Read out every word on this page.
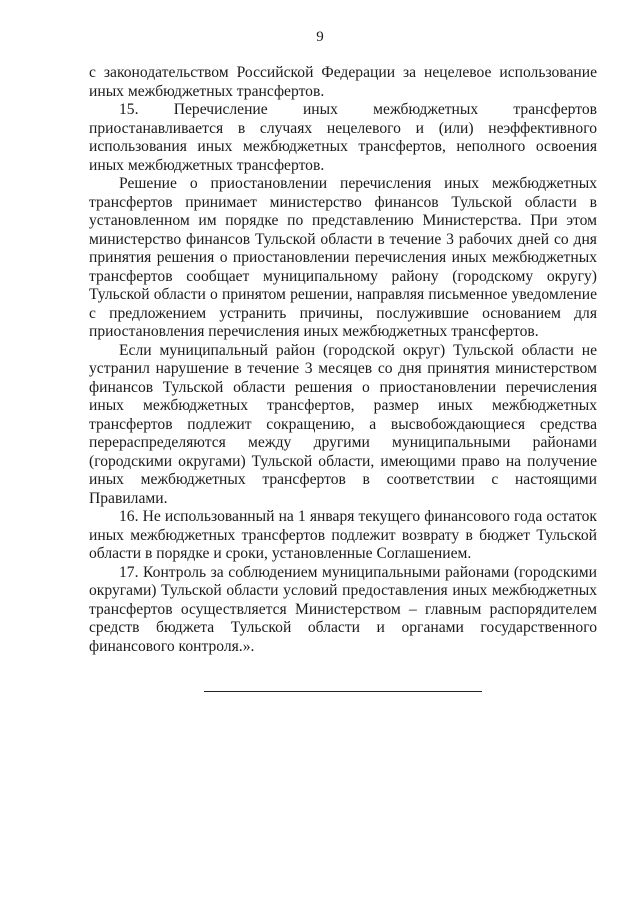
9

с законодательством Российской Федерации за нецелевое использование иных межбюджетных трансфертов.

15. Перечисление иных межбюджетных трансфертов приостанавливается в случаях нецелевого и (или) неэффективного использования иных межбюджетных трансфертов, неполного освоения иных межбюджетных трансфертов.

Решение о приостановлении перечисления иных межбюджетных трансфертов принимает министерство финансов Тульской области в установленном им порядке по представлению Министерства. При этом министерство финансов Тульской области в течение 3 рабочих дней со дня принятия решения о приостановлении перечисления иных межбюджетных трансфертов сообщает муниципальному району (городскому округу) Тульской области о принятом решении, направляя письменное уведомление с предложением устранить причины, послужившие основанием для приостановления перечисления иных межбюджетных трансфертов.

Если муниципальный район (городской округ) Тульской области не устранил нарушение в течение 3 месяцев со дня принятия министерством финансов Тульской области решения о приостановлении перечисления иных межбюджетных трансфертов, размер иных межбюджетных трансфертов подлежит сокращению, а высвобождающиеся средства перераспределяются между другими муниципальными районами (городскими округами) Тульской области, имеющими право на получение иных межбюджетных трансфертов в соответствии с настоящими Правилами.

16. Не использованный на 1 января текущего финансового года остаток иных межбюджетных трансфертов подлежит возврату в бюджет Тульской области в порядке и сроки, установленные Соглашением.

17. Контроль за соблюдением муниципальными районами (городскими округами) Тульской области условий предоставления иных межбюджетных трансфертов осуществляется Министерством – главным распорядителем средств бюджета Тульской области и органами государственного финансового контроля.».
